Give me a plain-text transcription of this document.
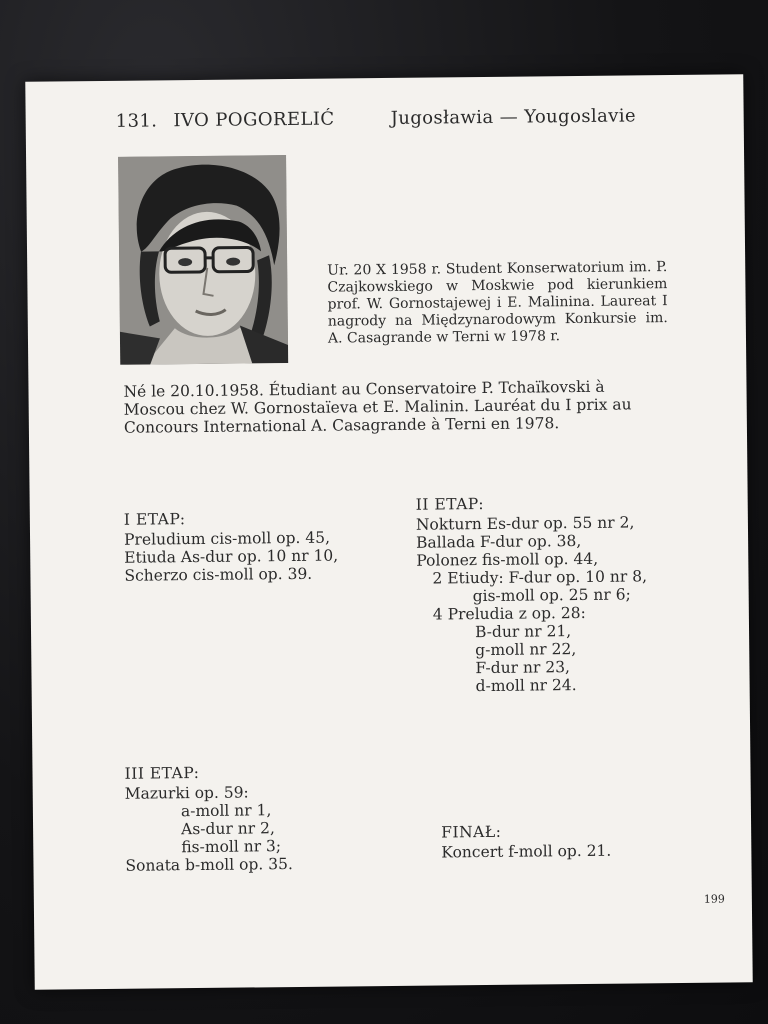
131. IVO POGORELIĆ	Jugosławia — Yougoslavie
Ur. 20 X 1958 r. Student Konserwatorium im. P. Czajkowskiego w Moskwie pod kierunkiem prof. W. Gornostajewej i E. Malinina. Laureat I nagrody na Międzynarodowym Konkursie im. A. Casagrande w Terni w 1978 r.
Né le 20.10.1958. Étudiant au Conservatoire P. Tchaïkovski à Moscou chez W. Gornostaïeva et E. Malinin. Lauréat du I prix au Concours International A. Casagrande à Terni en 1978.
I ETAP:
Preludium cis-moll op. 45,
Etiuda As-dur op. 10 nr 10,
Scherzo cis-moll op. 39.
II ETAP:
Nokturn Es-dur op. 55 nr 2,
Ballada F-dur op. 38,
Polonez fis-moll op. 44,
2 Etiudy: F-dur op. 10 nr 8,
gis-moll op. 25 nr 6;
4 Preludia z op. 28:
B-dur nr 21,
g-moll nr 22,
F-dur nr 23,
d-moll nr 24.
III ETAP:
Mazurki op. 59:
a-moll nr 1,
As-dur nr 2,
fis-moll nr 3;
Sonata b-moll op. 35.
FINAŁ:
Koncert f-moll op. 21.
199
